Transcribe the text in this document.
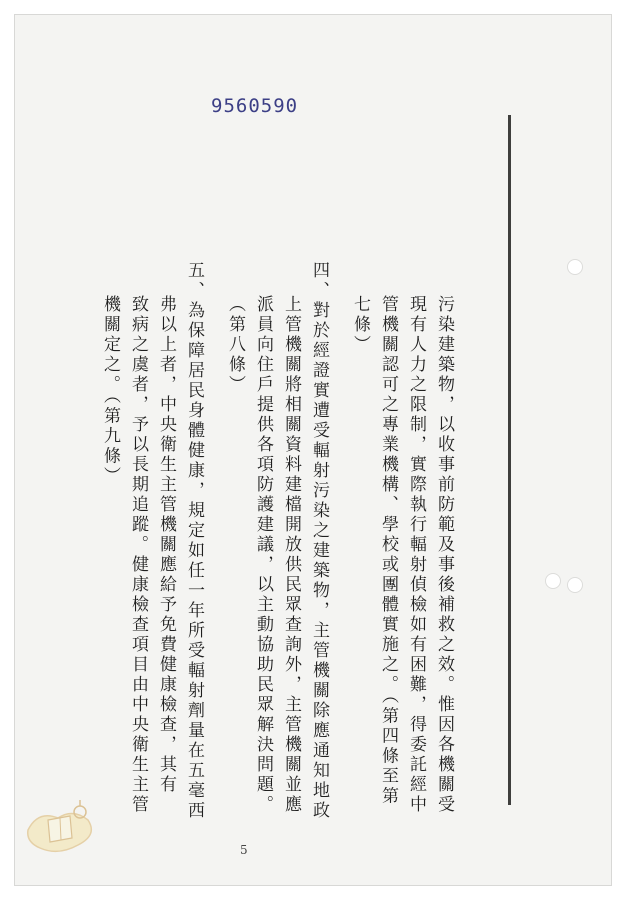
9560590
污染建築物，以收事前防範及事後補救之效。惟因各機關受
現有人力之限制，實際執行輻射偵檢如有困難，得委託經中
管機關認可之專業機構、學校或團體實施之。（第四條至第
七條）
四、對於經證實遭受輻射污染之建築物，主管機關除應通知地政
上管機關將相關資料建檔開放供民眾查詢外，主管機關並應
派員向住戶提供各項防護建議，以主動協助民眾解決問題。
（第八條）
五、為保障居民身體健康，規定如任一年所受輻射劑量在五毫西
弗以上者，中央衛生主管機關應給予免費健康檢查，其有
致病之虞者，予以長期追蹤。健康檢查項目由中央衛生主管
機關定之。（第九條）
5
